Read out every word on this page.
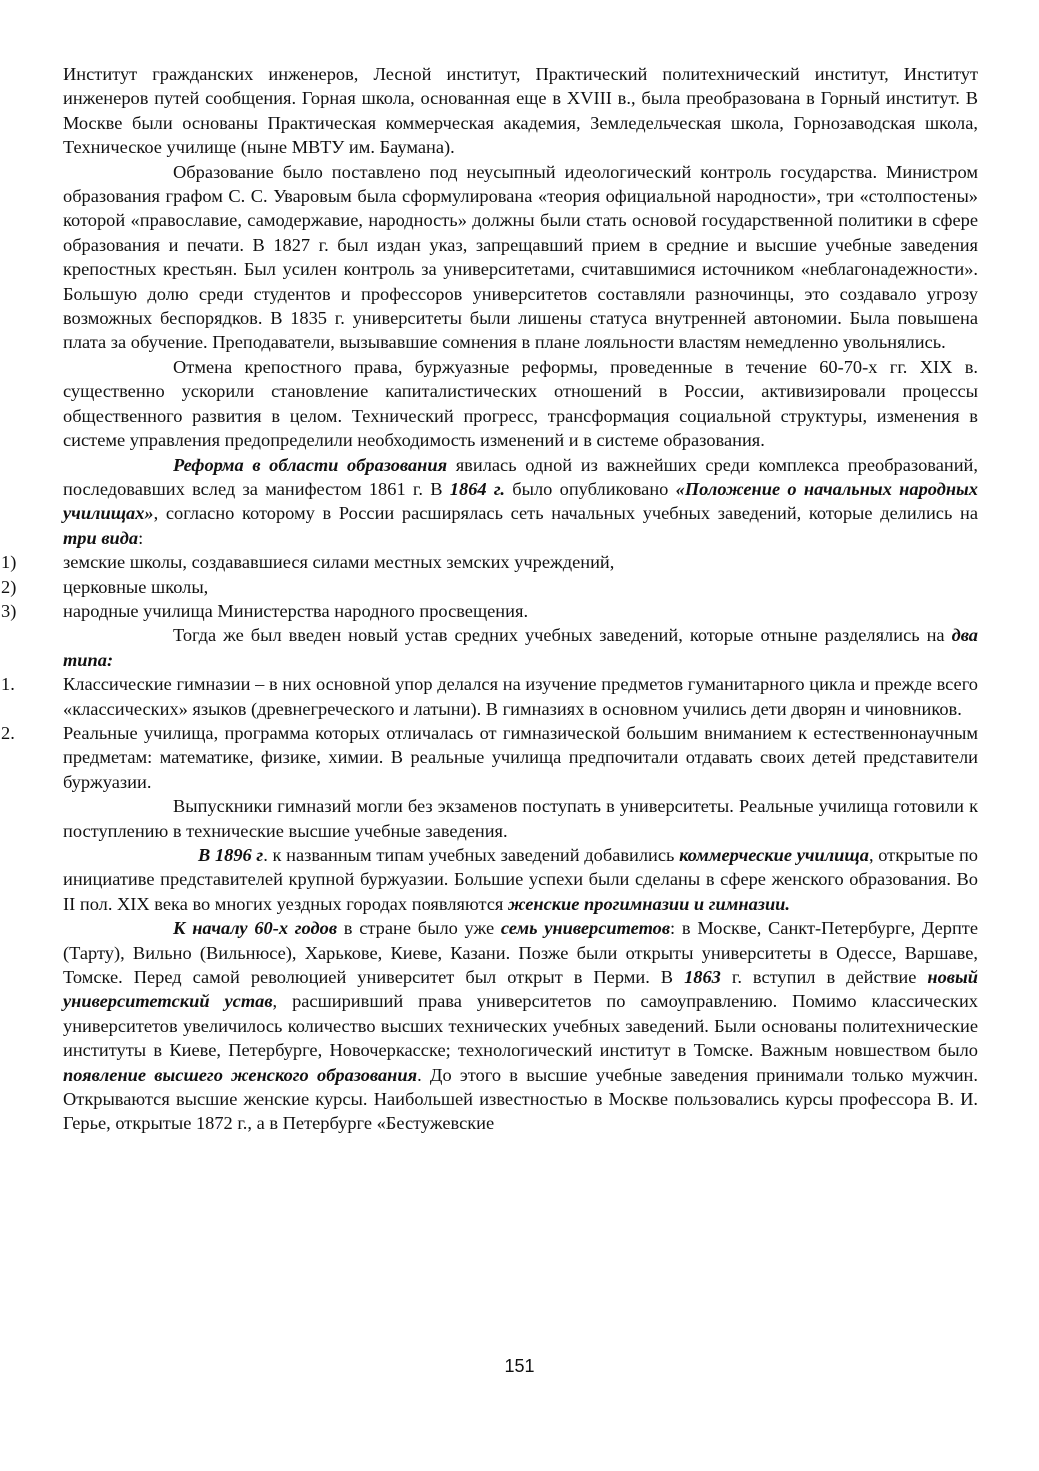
Институт гражданских инженеров, Лесной институт, Практический политехнический институт, Институт инженеров путей сообщения. Горная школа, основанная еще в XVIII в., была преобразована в Горный институт. В Москве были основаны Практическая коммерческая академия, Земледельческая школа, Горнозаводская школа, Техническое училище (ныне МВТУ им. Баумана).

Образование было поставлено под неусыпный идеологический контроль государства. Министром образования графом С. С. Уваровым была сформулирована «теория официальной народности», три «столпостены» которой «православие, самодержавие, народность» должны были стать основой государственной политики в сфере образования и печати. В 1827 г. был издан указ, запрещавший прием в средние и высшие учебные заведения крепостных крестьян. Был усилен контроль за университетами, считавшимися источником «неблагонадежности». Большую долю среди студентов и профессоров университетов составляли разночинцы, это создавало угрозу возможных беспорядков. В 1835 г. университеты были лишены статуса внутренней автономии. Была повышена плата за обучение. Преподаватели, вызывавшие сомнения в плане лояльности властям немедленно увольнялись.

Отмена крепостного права, буржуазные реформы, проведенные в течение 60-70-х гг. XIX в. существенно ускорили становление капиталистических отношений в России, активизировали процессы общественного развития в целом. Технический прогресс, трансформация социальной структуры, изменения в системе управления предопределили необходимость изменений и в системе образования.

Реформа в области образования явилась одной из важнейших среди комплекса преобразований, последовавших вслед за манифестом 1861 г. В 1864 г. было опубликовано «Положение о начальных народных училищах», согласно которому в России расширялась сеть начальных учебных заведений, которые делились на три вида:

1)	земские школы, создававшиеся силами местных земских учреждений,
2)	церковные школы,
3)	народные училища Министерства народного просвещения.

Тогда же был введен новый устав средних учебных заведений, которые отныне разделялись на два типа:

1.	Классические гимназии – в них основной упор делался на изучение предметов гуманитарного цикла и прежде всего «классических» языков (древнегреческого и латыни). В гимназиях в основном учились дети дворян и чиновников.
2.	Реальные училища, программа которых отличалась от гимназической большим вниманием к естественнонаучным предметам: математике, физике, химии. В реальные училища предпочитали отдавать своих детей представители буржуазии.

Выпускники гимназий могли без экзаменов поступать в университеты. Реальные училища готовили к поступлению в технические высшие учебные заведения.

В 1896 г. к названным типам учебных заведений добавились коммерческие училища, открытые по инициативе представителей крупной буржуазии. Большие успехи были сделаны в сфере женского образования. Во II пол. XIX века во многих уездных городах появляются женские прогимназии и гимназии.

К началу 60-х годов в стране было уже семь университетов: в Москве, Санкт-Петербурге, Дерпте (Тарту), Вильно (Вильнюсе), Харькове, Киеве, Казани. Позже были открыты университеты в Одессе, Варшаве, Томске. Перед самой революцией университет был открыт в Перми. В 1863 г. вступил в действие новый университетский устав, расширивший права университетов по самоуправлению. Помимо классических университетов увеличилось количество высших технических учебных заведений. Были основаны политехнические институты в Киеве, Петербурге, Новочеркасске; технологический институт в Томске. Важным новшеством было появление высшего женского образования. До этого в высшие учебные заведения принимали только мужчин. Открываются высшие женские курсы. Наибольшей известностью в Москве пользовались курсы профессора В. И. Герье, открытые 1872 г., а в Петербурге «Бестужевские

151
